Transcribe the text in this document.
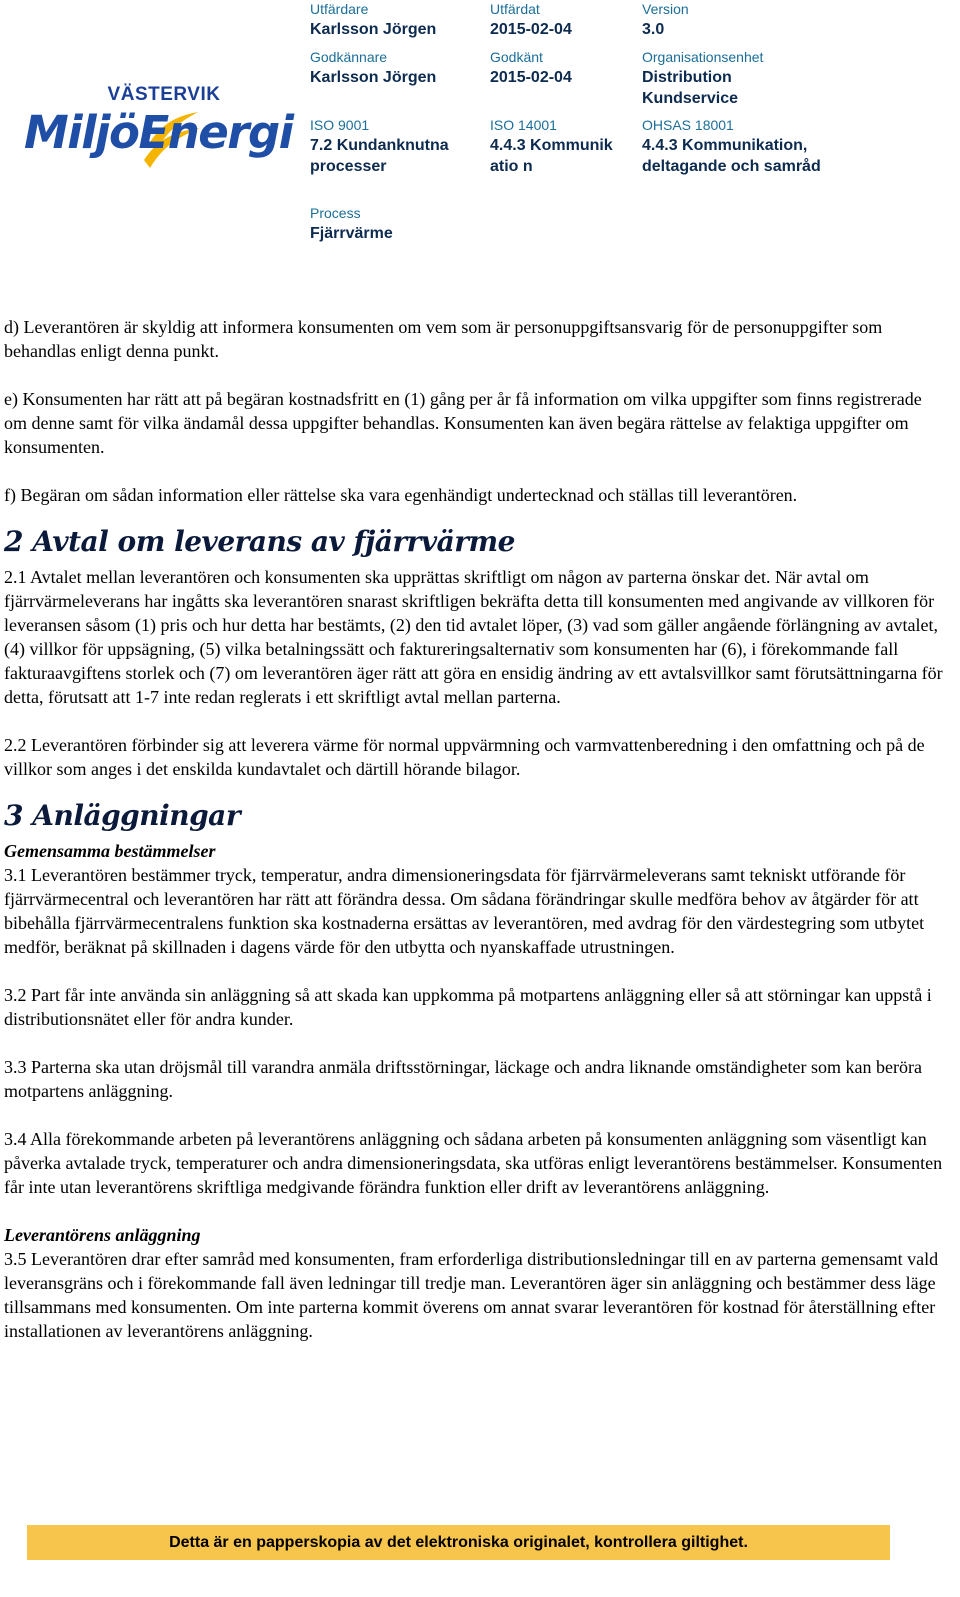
VÄSTERVIK
MiljöEnergi
Utfärdare
Karlsson Jörgen
Utfärdat
2015-02-04
Version
3.0
Godkännare
Karlsson Jörgen
Godkänt
2015-02-04
Organisationsenhet
Distribution Kundservice
ISO 9001
7.2 Kundanknutna processer
ISO 14001
4.4.3 Kommunikatio n
OHSAS 18001
4.4.3 Kommunikation, deltagande och samråd
Process
Fjärrvärme

d) Leverantören är skyldig att informera konsumenten om vem som är personuppgiftsansvarig för de personuppgifter som behandlas enligt denna punkt.

e) Konsumenten har rätt att på begäran kostnadsfritt en (1) gång per år få information om vilka uppgifter som finns registrerade om denne samt för vilka ändamål dessa uppgifter behandlas. Konsumenten kan även begära rättelse av felaktiga uppgifter om konsumenten.

f) Begäran om sådan information eller rättelse ska vara egenhändigt undertecknad och ställas till leverantören.

2 Avtal om leverans av fjärrvärme

2.1 Avtalet mellan leverantören och konsumenten ska upprättas skriftligt om någon av parterna önskar det. När avtal om fjärrvärmeleverans har ingåtts ska leverantören snarast skriftligen bekräfta detta till konsumenten med angivande av villkoren för leveransen såsom (1) pris och hur detta har bestämts, (2) den tid avtalet löper, (3) vad som gäller angående förlängning av avtalet, (4) villkor för uppsägning, (5) vilka betalningssätt och faktureringsalternativ som konsumenten har (6), i förekommande fall fakturaavgiftens storlek och (7) om leverantören äger rätt att göra en ensidig ändring av ett avtalsvillkor samt förutsättningarna för detta, förutsatt att 1-7 inte redan reglerats i ett skriftligt avtal mellan parterna.

2.2 Leverantören förbinder sig att leverera värme för normal uppvärmning och varmvattenberedning i den omfattning och på de villkor som anges i det enskilda kundavtalet och därtill hörande bilagor.

3 Anläggningar
Gemensamma bestämmelser

3.1 Leverantören bestämmer tryck, temperatur, andra dimensioneringsdata för fjärrvärmeleverans samt tekniskt utförande för fjärrvärmecentral och leverantören har rätt att förändra dessa. Om sådana förändringar skulle medföra behov av åtgärder för att bibehålla fjärrvärmecentralens funktion ska kostnaderna ersättas av leverantören, med avdrag för den värdestegring som utbytet medför, beräknat på skillnaden i dagens värde för den utbytta och nyanskaffade utrustningen.

3.2 Part får inte använda sin anläggning så att skada kan uppkomma på motpartens anläggning eller så att störningar kan uppstå i distributionsnätet eller för andra kunder.

3.3 Parterna ska utan dröjsmål till varandra anmäla driftsstörningar, läckage och andra liknande omständigheter som kan beröra motpartens anläggning.

3.4 Alla förekommande arbeten på leverantörens anläggning och sådana arbeten på konsumenten anläggning som väsentligt kan påverka avtalade tryck, temperaturer och andra dimensioneringsdata, ska utföras enligt leverantörens bestämmelser. Konsumenten får inte utan leverantörens skriftliga medgivande förändra funktion eller drift av leverantörens anläggning.

Leverantörens anläggning

3.5 Leverantören drar efter samråd med konsumenten, fram erforderliga distributionsledningar till en av parterna gemensamt vald leveransgräns och i förekommande fall även ledningar till tredje man. Leverantören äger sin anläggning och bestämmer dess läge tillsammans med konsumenten. Om inte parterna kommit överens om annat svarar leverantören för kostnad för återställning efter installationen av leverantörens anläggning.

Detta är en papperskopia av det elektroniska originalet, kontrollera giltighet.
